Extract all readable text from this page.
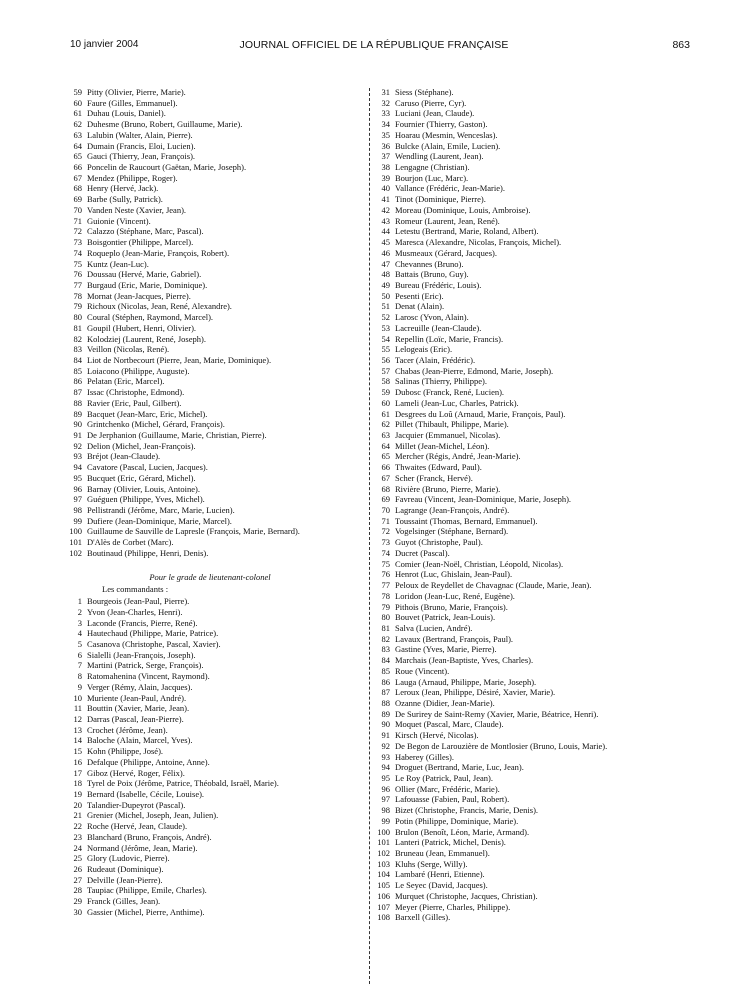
10 janvier 2004	JOURNAL OFFICIEL DE LA RÉPUBLIQUE FRANÇAISE	863
59 Pitty (Olivier, Pierre, Marie).
60 Faure (Gilles, Emmanuel).
61 Duhau (Louis, Daniel).
62 Duhesme (Bruno, Robert, Guillaume, Marie).
63 Lalubin (Walter, Alain, Pierre).
64 Dumain (Francis, Eloi, Lucien).
65 Gauci (Thierry, Jean, François).
66 Poncelin de Raucourt (Gaëtan, Marie, Joseph).
67 Mendez (Philippe, Roger).
68 Henry (Hervé, Jack).
69 Barbe (Sully, Patrick).
70 Vanden Neste (Xavier, Jean).
71 Guionie (Vincent).
72 Calazzo (Stéphane, Marc, Pascal).
73 Boisgontier (Philippe, Marcel).
74 Roqueplo (Jean-Marie, François, Robert).
75 Kuntz (Jean-Luc).
76 Doussau (Hervé, Marie, Gabriel).
77 Burgaud (Eric, Marie, Dominique).
78 Mornat (Jean-Jacques, Pierre).
79 Richoux (Nicolas, Jean, René, Alexandre).
80 Coural (Stéphen, Raymond, Marcel).
81 Goupil (Hubert, Henri, Olivier).
82 Kolodziej (Laurent, René, Joseph).
83 Veillon (Nicolas, René).
84 Liot de Nortbecourt (Pierre, Jean, Marie, Dominique).
85 Loiacono (Philippe, Auguste).
86 Pelatan (Eric, Marcel).
87 Issac (Christophe, Edmond).
88 Ravier (Eric, Paul, Gilbert).
89 Bacquet (Jean-Marc, Eric, Michel).
90 Grintchenko (Michel, Gérard, François).
91 De Jerphanion (Guillaume, Marie, Christian, Pierre).
92 Delion (Michel, Jean-François).
93 Bréjot (Jean-Claude).
94 Cavatore (Pascal, Lucien, Jacques).
95 Bucquet (Eric, Gérard, Michel).
96 Barnay (Olivier, Louis, Antoine).
97 Guéguen (Philippe, Yves, Michel).
98 Pellistrandi (Jérôme, Marc, Marie, Lucien).
99 Dufiere (Jean-Dominique, Marie, Marcel).
100 Guillaume de Sauville de Lapresle (François, Marie, Bernard).
101 D'Alès de Corbet (Marc).
102 Boutinaud (Philippe, Henri, Denis).
Pour le grade de lieutenant-colonel
Les commandants :
1 Bourgeois (Jean-Paul, Pierre).
2 Yvon (Jean-Charles, Henri).
3 Laconde (Francis, Pierre, René).
4 Hautechaud (Philippe, Marie, Patrice).
5 Casanova (Christophe, Pascal, Xavier).
6 Sialelli (Jean-François, Joseph).
7 Martini (Patrick, Serge, François).
8 Ratomahenina (Vincent, Raymond).
9 Verger (Rémy, Alain, Jacques).
10 Muriente (Jean-Paul, André).
11 Bouttin (Xavier, Marie, Jean).
12 Darras (Pascal, Jean-Pierre).
13 Crochet (Jérôme, Jean).
14 Baloche (Alain, Marcel, Yves).
15 Kohn (Philippe, José).
16 Defalque (Philippe, Antoine, Anne).
17 Giboz (Hervé, Roger, Félix).
18 Tyrel de Poix (Jérôme, Patrice, Théobald, Israël, Marie).
19 Bernard (Isabelle, Cécile, Louise).
20 Talandier-Dupeyrot (Pascal).
21 Grenier (Michel, Joseph, Jean, Julien).
22 Roche (Hervé, Jean, Claude).
23 Blanchard (Bruno, François, André).
24 Normand (Jérôme, Jean, Marie).
25 Glory (Ludovic, Pierre).
26 Rudeaut (Dominique).
27 Delville (Jean-Pierre).
28 Taupiac (Philippe, Emile, Charles).
29 Franck (Gilles, Jean).
30 Gassier (Michel, Pierre, Anthime).
31 Siess (Stéphane).
32 Caruso (Pierre, Cyr).
33 Luciani (Jean, Claude).
34 Fournier (Thierry, Gaston).
35 Hoarau (Mesmin, Wenceslas).
36 Bulcke (Alain, Emile, Lucien).
37 Wendling (Laurent, Jean).
38 Lengagne (Christian).
39 Bourjon (Luc, Marc).
40 Vallance (Frédéric, Jean-Marie).
41 Tinot (Dominique, Pierre).
42 Moreau (Dominique, Louis, Ambroise).
43 Romeur (Laurent, Jean, René).
44 Letestu (Bertrand, Marie, Roland, Albert).
45 Maresca (Alexandre, Nicolas, François, Michel).
46 Musmeaux (Gérard, Jacques).
47 Chevannes (Bruno).
48 Battais (Bruno, Guy).
49 Bureau (Frédéric, Louis).
50 Pesenti (Eric).
51 Denat (Alain).
52 Larosc (Yvon, Alain).
53 Lacreuille (Jean-Claude).
54 Repellin (Loïc, Marie, Francis).
55 Lelogeais (Eric).
56 Tacer (Alain, Frédéric).
57 Chabas (Jean-Pierre, Edmond, Marie, Joseph).
58 Salinas (Thierry, Philippe).
59 Dubosc (Franck, René, Lucien).
60 Lameli (Jean-Luc, Charles, Patrick).
61 Desgrees du Loû (Arnaud, Marie, François, Paul).
62 Pillet (Thibault, Philippe, Marie).
63 Jacquier (Emmanuel, Nicolas).
64 Millet (Jean-Michel, Léon).
65 Mercher (Régis, André, Jean-Marie).
66 Thwaites (Edward, Paul).
67 Scher (Franck, Hervé).
68 Rivière (Bruno, Pierre, Marie).
69 Favreau (Vincent, Jean-Dominique, Marie, Joseph).
70 Lagrange (Jean-François, André).
71 Toussaint (Thomas, Bernard, Emmanuel).
72 Vogelsinger (Stéphane, Bernard).
73 Guyot (Christophe, Paul).
74 Ducret (Pascal).
75 Comier (Jean-Noël, Christian, Léopold, Nicolas).
76 Henrot (Luc, Ghislain, Jean-Paul).
77 Peloux de Reydellet de Chavagnac (Claude, Marie, Jean).
78 Loridon (Jean-Luc, René, Eugène).
79 Pithois (Bruno, Marie, François).
80 Bouvet (Patrick, Jean-Louis).
81 Salva (Lucien, André).
82 Lavaux (Bertrand, François, Paul).
83 Gastine (Yves, Marie, Pierre).
84 Marchais (Jean-Baptiste, Yves, Charles).
85 Roue (Vincent).
86 Lauga (Arnaud, Philippe, Marie, Joseph).
87 Leroux (Jean, Philippe, Désiré, Xavier, Marie).
88 Ozanne (Didier, Jean-Marie).
89 De Surirey de Saint-Remy (Xavier, Marie, Béatrice, Henri).
90 Moquet (Pascal, Marc, Claude).
91 Kirsch (Hervé, Nicolas).
92 De Begon de Larouzière de Montlosier (Bruno, Louis, Marie).
93 Haberey (Gilles).
94 Droguet (Bertrand, Marie, Luc, Jean).
95 Le Roy (Patrick, Paul, Jean).
96 Ollier (Marc, Frédéric, Marie).
97 Lafouasse (Fabien, Paul, Robert).
98 Bizet (Christophe, Francis, Marie, Denis).
99 Potin (Philippe, Dominique, Marie).
100 Brulon (Benoît, Léon, Marie, Armand).
101 Lanteri (Patrick, Michel, Denis).
102 Bruneau (Jean, Emmanuel).
103 Kluhs (Serge, Willy).
104 Lambaré (Henri, Etienne).
105 Le Seyec (David, Jacques).
106 Murquet (Christophe, Jacques, Christian).
107 Meyer (Pierre, Charles, Philippe).
108 Barxell (Gilles).
